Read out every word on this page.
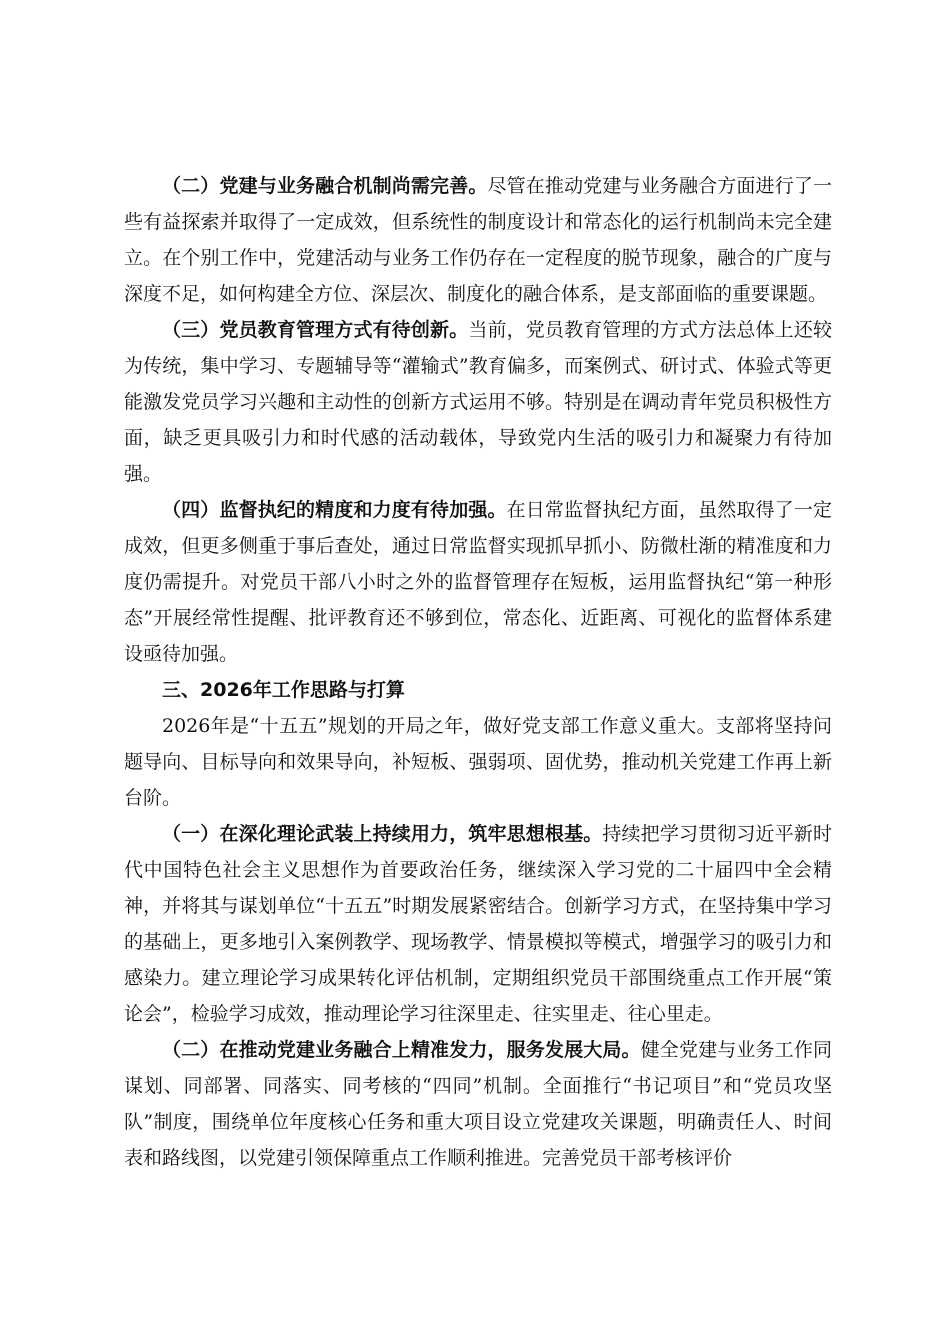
（二）党建与业务融合机制尚需完善。尽管在推动党建与业务融合方面进行了一些有益探索并取得了一定成效，但系统性的制度设计和常态化的运行机制尚未完全建立。在个别工作中，党建活动与业务工作仍存在一定程度的脱节现象，融合的广度与深度不足，如何构建全方位、深层次、制度化的融合体系，是支部面临的重要课题。

（三）党员教育管理方式有待创新。当前，党员教育管理的方式方法总体上还较为传统，集中学习、专题辅导等“灌输式”教育偏多，而案例式、研讨式、体验式等更能激发党员学习兴趣和主动性的创新方式运用不够。特别是在调动青年党员积极性方面，缺乏更具吸引力和时代感的活动载体，导致党内生活的吸引力和凝聚力有待加强。

（四）监督执纪的精度和力度有待加强。在日常监督执纪方面，虽然取得了一定成效，但更多侧重于事后查处，通过日常监督实现抓早抓小、防微杜渐的精准度和力度仍需提升。对党员干部八小时之外的监督管理存在短板，运用监督执纪“第一种形态”开展经常性提醒、批评教育还不够到位，常态化、近距离、可视化的监督体系建设亟待加强。

三、2026年工作思路与打算

2026年是“十五五”规划的开局之年，做好党支部工作意义重大。支部将坚持问题导向、目标导向和效果导向，补短板、强弱项、固优势，推动机关党建工作再上新台阶。

（一）在深化理论武装上持续用力，筑牢思想根基。持续把学习贯彻习近平新时代中国特色社会主义思想作为首要政治任务，继续深入学习党的二十届四中全会精神，并将其与谋划单位“十五五”时期发展紧密结合。创新学习方式，在坚持集中学习的基础上，更多地引入案例教学、现场教学、情景模拟等模式，增强学习的吸引力和感染力。建立理论学习成果转化评估机制，定期组织党员干部围绕重点工作开展“策论会”，检验学习成效，推动理论学习往深里走、往实里走、往心里走。

（二）在推动党建业务融合上精准发力，服务发展大局。健全党建与业务工作同谋划、同部署、同落实、同考核的“四同”机制。全面推行“书记项目”和“党员攻坚队”制度，围绕单位年度核心任务和重大项目设立党建攻关课题，明确责任人、时间表和路线图，以党建引领保障重点工作顺利推进。完善党员干部考核评价
